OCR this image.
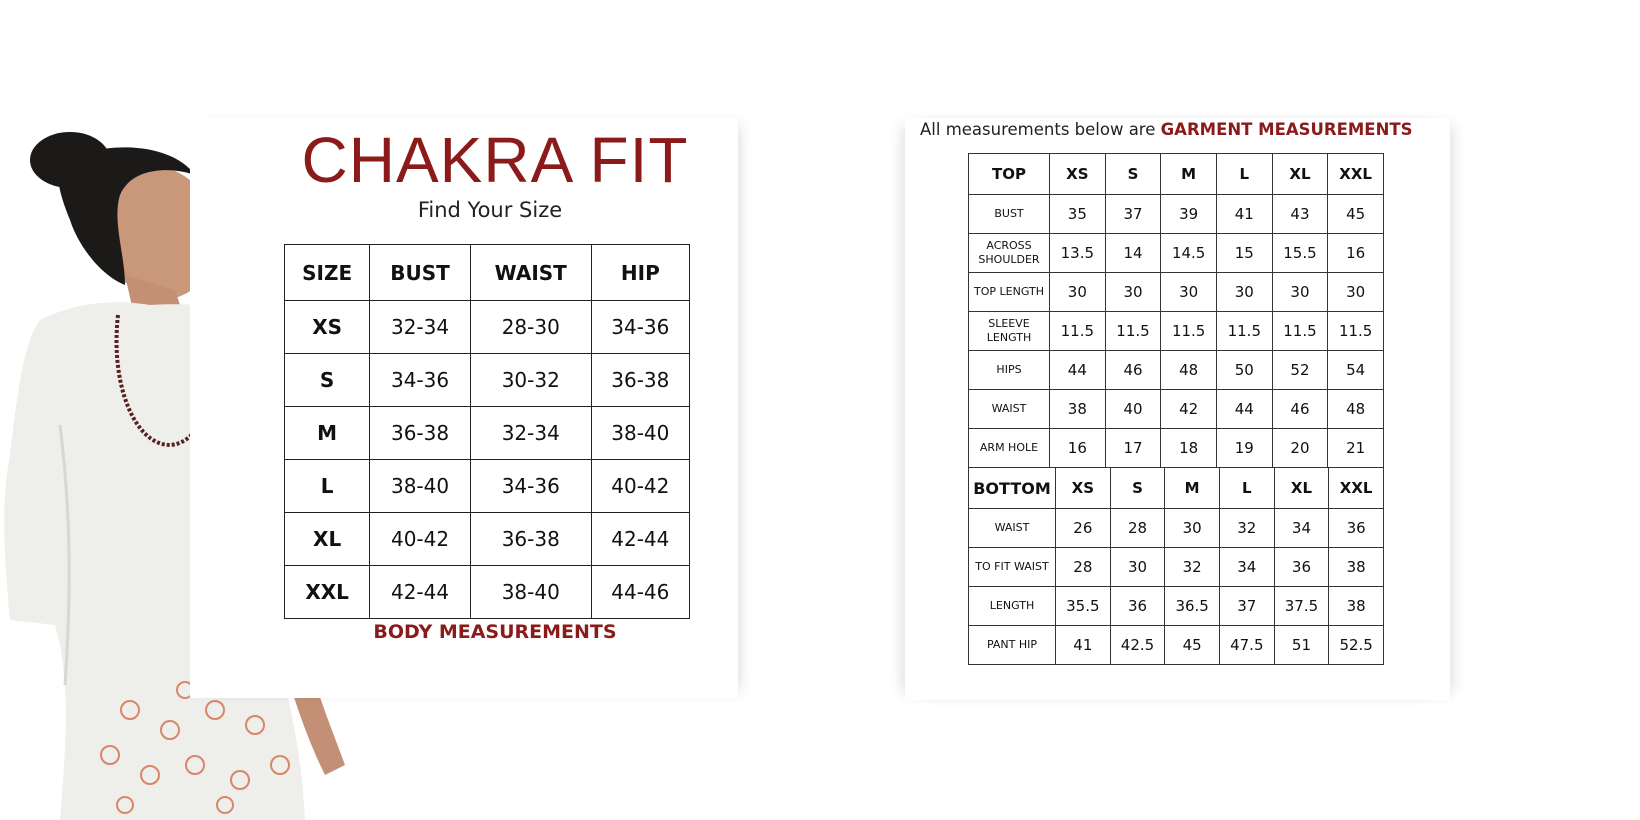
CHAKRA FIT
Find Your Size
SIZE	BUST	WAIST	HIP
XS	32-34	28-30	34-36
S	34-36	30-32	36-38
M	36-38	32-34	38-40
L	38-40	34-36	40-42
XL	40-42	36-38	42-44
XXL	42-44	38-40	44-46
BODY MEASUREMENTS
All measurements below are GARMENT MEASUREMENTS
TOP	XS	S	M	L	XL	XXL
BUST	35	37	39	41	43	45
ACROSS SHOULDER	13.5	14	14.5	15	15.5	16
TOP LENGTH	30	30	30	30	30	30
SLEEVE LENGTH	11.5	11.5	11.5	11.5	11.5	11.5
HIPS	44	46	48	50	52	54
WAIST	38	40	42	44	46	48
ARM HOLE	16	17	18	19	20	21
BOTTOM	XS	S	M	L	XL	XXL
WAIST	26	28	30	32	34	36
TO FIT WAIST	28	30	32	34	36	38
LENGTH	35.5	36	36.5	37	37.5	38
PANT HIP	41	42.5	45	47.5	51	52.5
